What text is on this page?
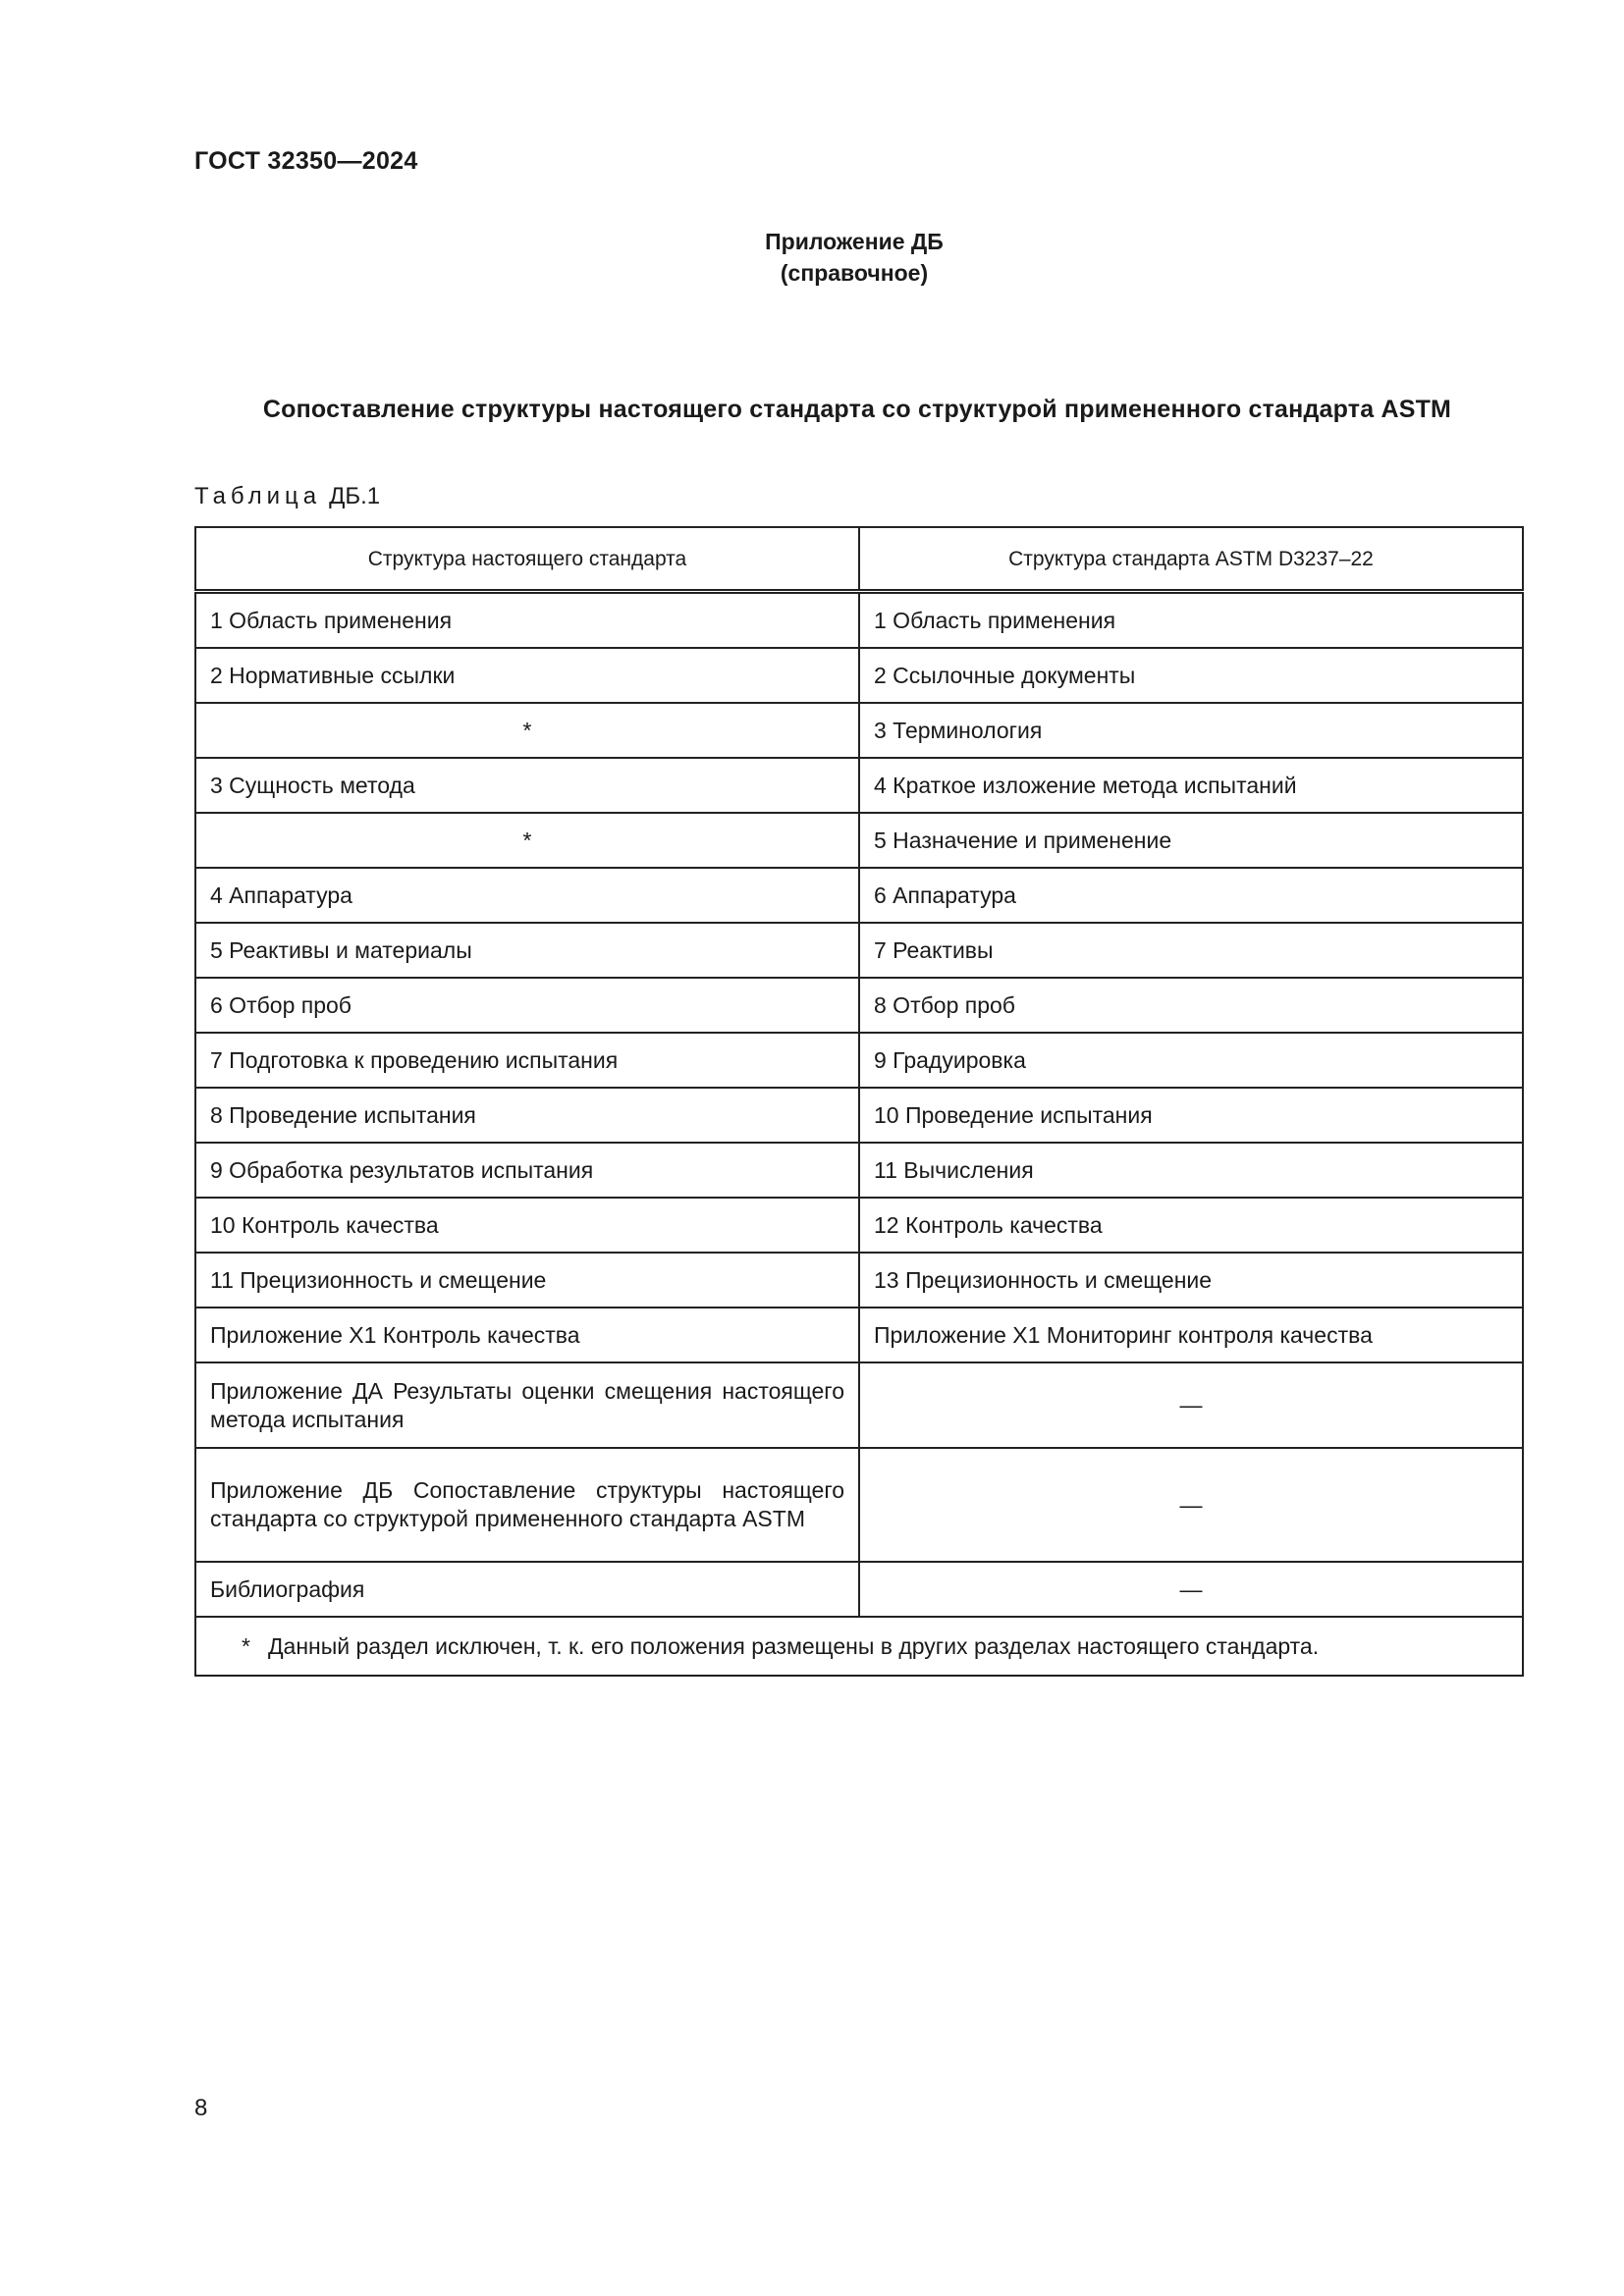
ГОСТ 32350—2024
Приложение ДБ
(справочное)
Сопоставление структуры настоящего стандарта со структурой примененного стандарта ASTM
Таблица ДБ.1
Структура настоящего стандарта	Структура стандарта ASTM D3237–22
1 Область применения	1 Область применения
2 Нормативные ссылки	2 Ссылочные документы
*	3 Терминология
3 Сущность метода	4 Краткое изложение метода испытаний
*	5 Назначение и применение
4 Аппаратура	6 Аппаратура
5 Реактивы и материалы	7 Реактивы
6 Отбор проб	8 Отбор проб
7 Подготовка к проведению испытания	9 Градуировка
8 Проведение испытания	10 Проведение испытания
9 Обработка результатов испытания	11 Вычисления
10 Контроль качества	12 Контроль качества
11 Прецизионность и смещение	13 Прецизионность и смещение
Приложение X1 Контроль качества	Приложение X1 Мониторинг контроля качества
Приложение ДА Результаты оценки смещения настоящего метода испытания	—
Приложение ДБ Сопоставление структуры настоящего стандарта со структурой примененного стандарта ASTM	—
Библиография	—
* Данный раздел исключен, т. к. его положения размещены в других разделах настоящего стандарта.	
8
